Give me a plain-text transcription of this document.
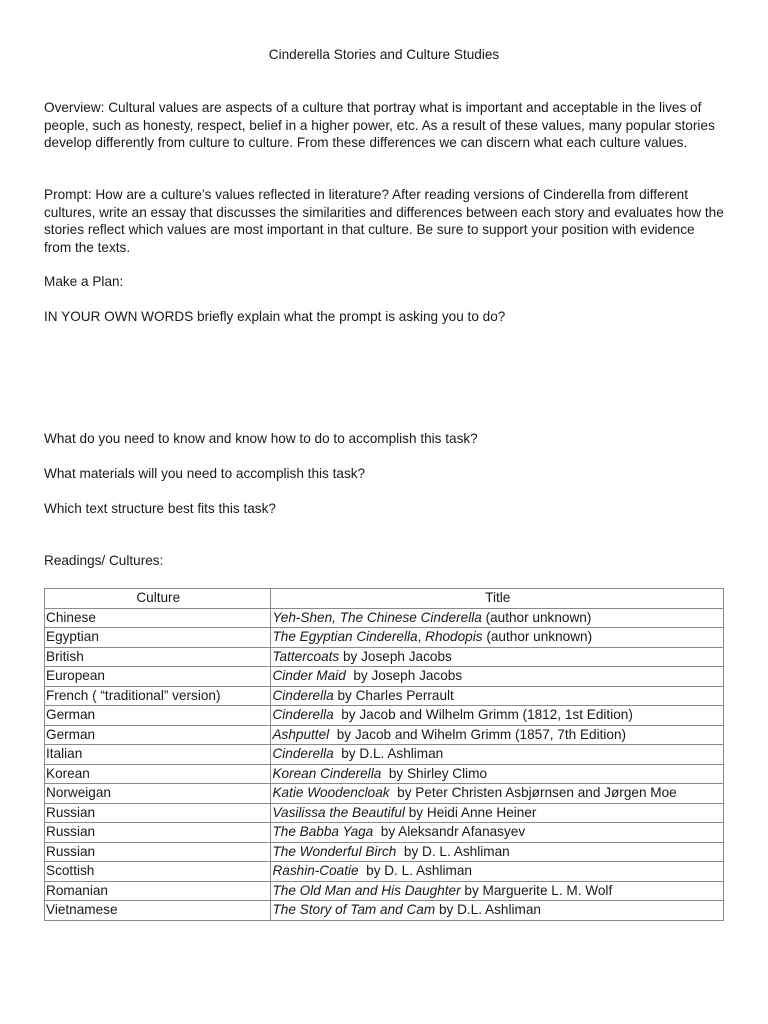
Cinderella Stories and Culture Studies

Overview: Cultural values are aspects of a culture that portray what is important and acceptable in the lives of people, such as honesty, respect, belief in a higher power, etc. As a result of these values, many popular stories develop differently from culture to culture. From these differences we can discern what each culture values.

Prompt: How are a culture’s values reflected in literature? After reading versions of Cinderella from different cultures, write an essay that discusses the similarities and differences between each story and evaluates how the stories reflect which values are most important in that culture. Be sure to support your position with evidence from the texts.

Make a Plan:

IN YOUR OWN WORDS briefly explain what the prompt is asking you to do?

What do you need to know and know how to do to accomplish this task?

What materials will you need to accomplish this task?

Which text structure best fits this task?

Readings/ Cultures:

Culture	Title
Chinese	Yeh-Shen, The Chinese Cinderella (author unknown)
Egyptian	The Egyptian Cinderella, Rhodopis (author unknown)
British	Tattercoats by Joseph Jacobs
European	Cinder Maid  by Joseph Jacobs
French ( “traditional” version)	Cinderella by Charles Perrault
German	Cinderella  by Jacob and Wilhelm Grimm (1812, 1st Edition)
German	Ashputtel  by Jacob and Wihelm Grimm (1857, 7th Edition)
Italian	Cinderella  by D.L. Ashliman
Korean	Korean Cinderella  by Shirley Climo
Norweigan	Katie Woodencloak  by Peter Christen Asbjørnsen and Jørgen Moe
Russian	Vasilissa the Beautiful by Heidi Anne Heiner
Russian	The Babba Yaga  by Aleksandr Afanasyev
Russian	The Wonderful Birch  by D. L. Ashliman
Scottish	Rashin-Coatie  by D. L. Ashliman
Romanian	The Old Man and His Daughter by Marguerite L. M. Wolf
Vietnamese	The Story of Tam and Cam by D.L. Ashliman
